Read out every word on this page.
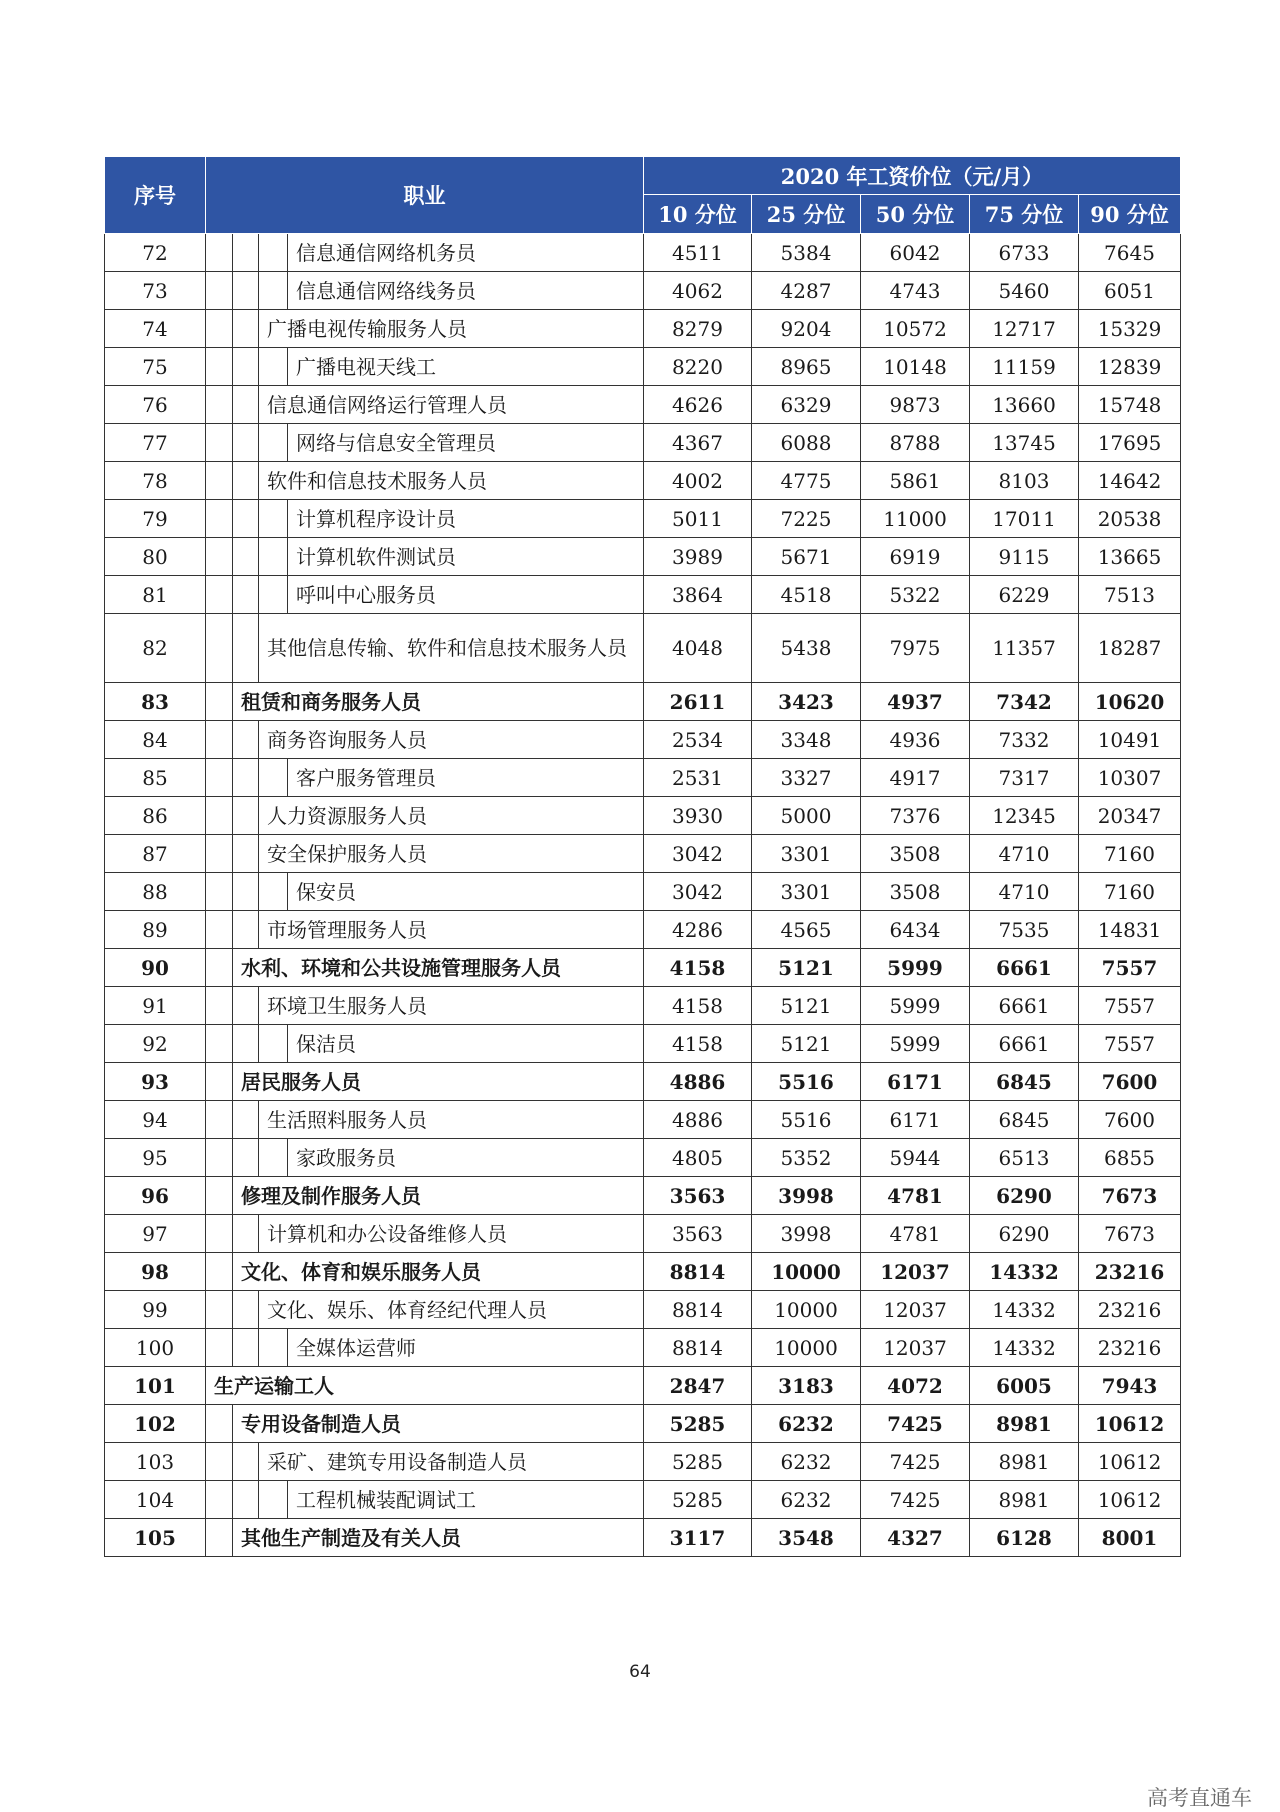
序号	职业				2020 年工资价位（元/月）				
					10 分位	25 分位	50 分位	75 分位	90 分位
72				信息通信网络机务员	4511	5384	6042	6733	7645
73				信息通信网络线务员	4062	4287	4743	5460	6051
74			广播电视传输服务人员		8279	9204	10572	12717	15329
75				广播电视天线工	8220	8965	10148	11159	12839
76			信息通信网络运行管理人员		4626	6329	9873	13660	15748
77				网络与信息安全管理员	4367	6088	8788	13745	17695
78			软件和信息技术服务人员		4002	4775	5861	8103	14642
79				计算机程序设计员	5011	7225	11000	17011	20538
80				计算机软件测试员	3989	5671	6919	9115	13665
81				呼叫中心服务员	3864	4518	5322	6229	7513
82			其他信息传输、软件和信息技术服务人员		4048	5438	7975	11357	18287
83		租赁和商务服务人员			2611	3423	4937	7342	10620
84			商务咨询服务人员		2534	3348	4936	7332	10491
85				客户服务管理员	2531	3327	4917	7317	10307
86			人力资源服务人员		3930	5000	7376	12345	20347
87			安全保护服务人员		3042	3301	3508	4710	7160
88				保安员	3042	3301	3508	4710	7160
89			市场管理服务人员		4286	4565	6434	7535	14831
90		水利、环境和公共设施管理服务人员			4158	5121	5999	6661	7557
91			环境卫生服务人员		4158	5121	5999	6661	7557
92				保洁员	4158	5121	5999	6661	7557
93		居民服务人员			4886	5516	6171	6845	7600
94			生活照料服务人员		4886	5516	6171	6845	7600
95				家政服务员	4805	5352	5944	6513	6855
96		修理及制作服务人员			3563	3998	4781	6290	7673
97			计算机和办公设备维修人员		3563	3998	4781	6290	7673
98		文化、体育和娱乐服务人员			8814	10000	12037	14332	23216
99			文化、娱乐、体育经纪代理人员		8814	10000	12037	14332	23216
100				全媒体运营师	8814	10000	12037	14332	23216
101	生产运输工人				2847	3183	4072	6005	7943
102		专用设备制造人员			5285	6232	7425	8981	10612
103			采矿、建筑专用设备制造人员		5285	6232	7425	8981	10612
104				工程机械装配调试工	5285	6232	7425	8981	10612
105		其他生产制造及有关人员			3117	3548	4327	6128	8001
64
高考直通车
